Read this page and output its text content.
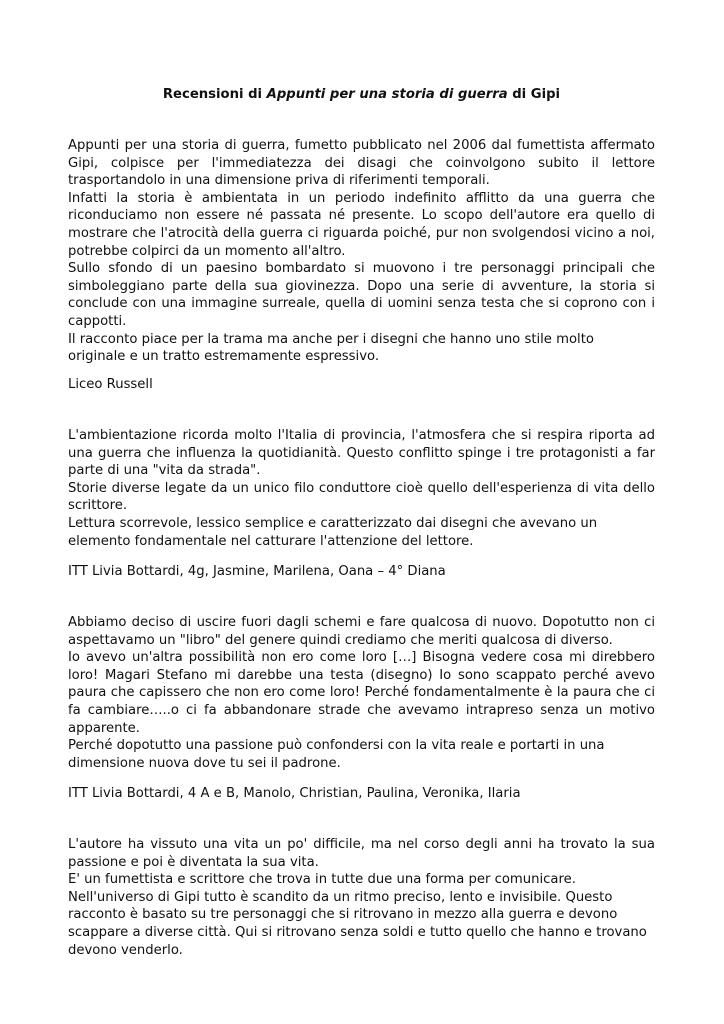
Recensioni di Appunti per una storia di guerra di Gipi

Appunti per una storia di guerra, fumetto pubblicato nel 2006 dal fumettista affermato Gipi, colpisce per l'immediatezza dei disagi che coinvolgono subito il lettore trasportandolo in una dimensione priva di riferimenti temporali.

Infatti la storia è ambientata in un periodo indefinito afflitto da una guerra che riconduciamo non essere né passata né presente. Lo scopo dell'autore era quello di mostrare che l'atrocità della guerra ci riguarda poiché, pur non svolgendosi vicino a noi, potrebbe colpirci da un momento all'altro.

Sullo sfondo di un paesino bombardato si muovono i tre personaggi principali che simboleggiano parte della sua giovinezza. Dopo una serie di avventure, la storia si conclude con una immagine surreale, quella di uomini senza testa che si coprono con i cappotti.

Il racconto piace per la trama ma anche per i disegni che hanno uno stile molto originale e un tratto estremamente espressivo.

Liceo Russell

L'ambientazione ricorda molto l'Italia di provincia, l'atmosfera che si respira riporta ad una guerra che influenza la quotidianità. Questo conflitto spinge i tre protagonisti a far parte di una "vita da strada".

Storie diverse legate da un unico filo conduttore cioè quello dell'esperienza di vita dello scrittore.

Lettura scorrevole, lessico semplice e caratterizzato dai disegni che avevano un elemento fondamentale nel catturare l'attenzione del lettore.

ITT Livia Bottardi, 4g, Jasmine, Marilena, Oana – 4° Diana

Abbiamo deciso di uscire fuori dagli schemi e fare qualcosa di nuovo. Dopotutto non ci aspettavamo un "libro" del genere quindi crediamo che meriti qualcosa di diverso.

Io avevo un'altra possibilità non ero come loro […] Bisogna vedere cosa mi direbbero loro! Magari Stefano mi darebbe una testa (disegno) Io sono scappato perché avevo paura che capissero che non ero come loro! Perché fondamentalmente è la paura che ci fa cambiare…..o ci fa abbandonare strade che avevamo intrapreso senza un motivo apparente.

Perché dopotutto una passione può confondersi con la vita reale e portarti in una dimensione nuova dove tu sei il padrone.

ITT Livia Bottardi, 4 A e B, Manolo, Christian, Paulina, Veronika, Ilaria

L'autore ha vissuto una vita un po' difficile, ma nel corso degli anni ha trovato la sua passione e poi è diventata la sua vita.

E' un fumettista e scrittore che trova in tutte due una forma per comunicare.

Nell'universo di Gipi tutto è scandito da un ritmo preciso, lento e invisibile. Questo racconto è basato su tre personaggi che si ritrovano in mezzo alla guerra e devono scappare a diverse città. Qui si ritrovano senza soldi e tutto quello che hanno e trovano devono venderlo.
